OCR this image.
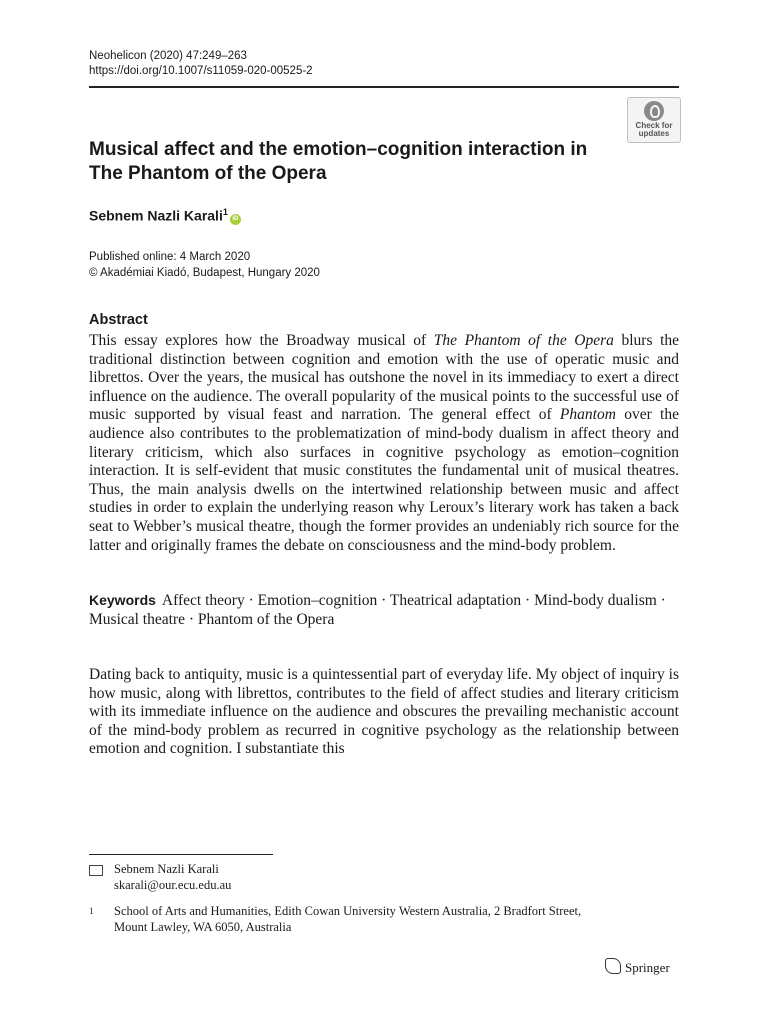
Neohelicon (2020) 47:249–263
https://doi.org/10.1007/s11059-020-00525-2
Check for
updates
Musical affect and the emotion–cognition interaction in The Phantom of the Opera
Sebnem Nazli Karali$^1$iD
Published online: 4 March 2020
© Akadémiai Kiadó, Budapest, Hungary 2020
Abstract

This essay explores how the Broadway musical of The Phantom of the Opera blurs the traditional distinction between cognition and emotion with the use of operatic music and librettos. Over the years, the musical has outshone the novel in its immediacy to exert a direct influence on the audience. The overall popularity of the musical points to the successful use of music supported by visual feast and narration. The general effect of Phantom over the audience also contributes to the problematization of mind-body dualism in affect theory and literary criticism, which also surfaces in cognitive psychology as emotion–cognition interaction. It is self-evident that music constitutes the fundamental unit of musical theatres. Thus, the main analysis dwells on the intertwined relationship between music and affect studies in order to explain the underlying reason why Leroux’s literary work has taken a back seat to Webber’s musical theatre, though the former provides an undeniably rich source for the latter and originally frames the debate on consciousness and the mind-body problem.

Keywords Affect theory · Emotion–cognition · Theatrical adaptation · Mind-body dualism · Musical theatre · Phantom of the Opera

Dating back to antiquity, music is a quintessential part of everyday life. My object of inquiry is how music, along with librettos, contributes to the field of affect studies and literary criticism with its immediate influence on the audience and obscures the prevailing mechanistic account of the mind-body problem as recurred in cognitive psychology as the relationship between emotion and cognition. I substantiate this

Sebnem Nazli Karali
skarali@our.ecu.edu.au
1 School of Arts and Humanities, Edith Cowan University Western Australia, 2 Bradfort Street,
Mount Lawley, WA 6050, Australia
Springer
